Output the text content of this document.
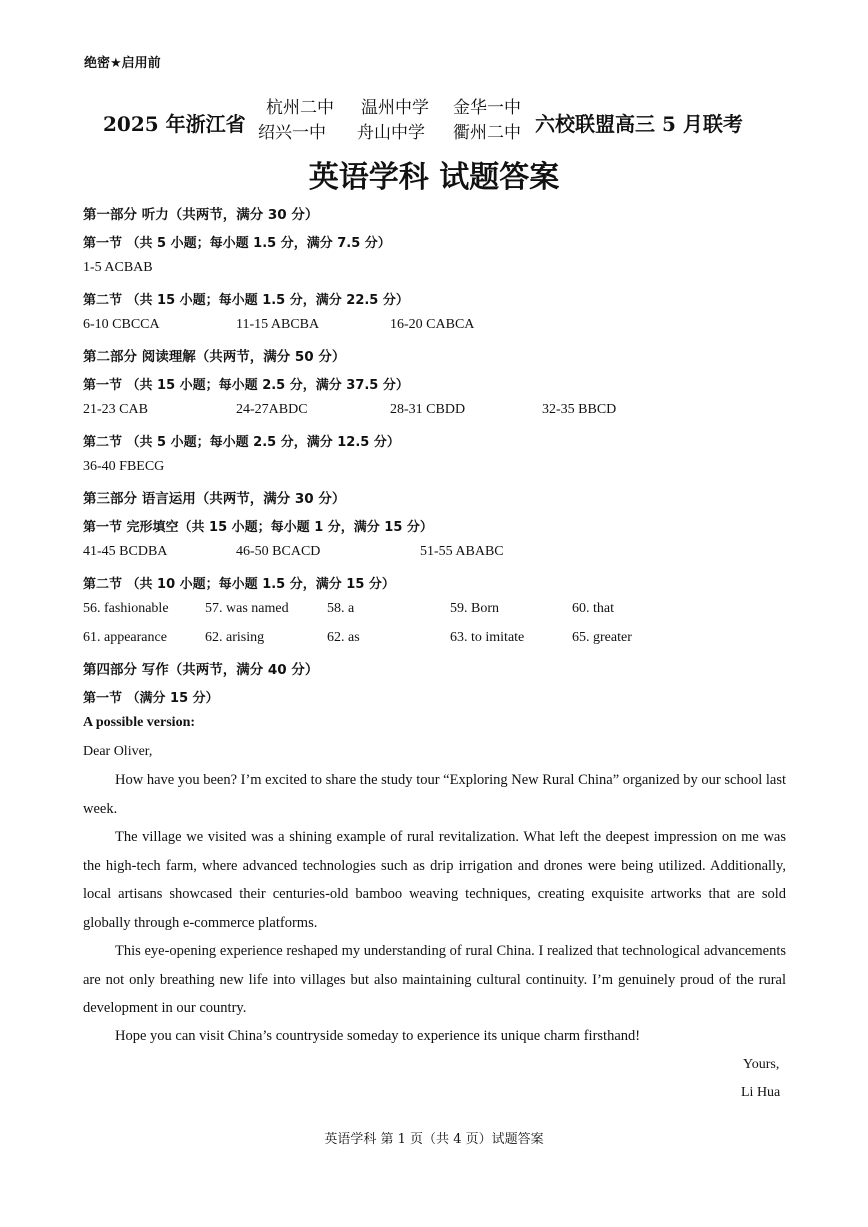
绝密★启用前
2025 年浙江省
杭州二中 温州中学 金华一中
绍兴一中 舟山中学 衢州二中 六校联盟高三 5 月联考
英语学科 试题答案
第一部分 听力（共两节，满分 30 分）
第一节 （共 5 小题；每小题 1.5 分，满分 7.5 分）
1-5 ACBAB
第二节 （共 15 小题；每小题 1.5 分，满分 22.5 分）
6-10 CBCCA	11-15 ABCBA	16-20 CABCA
第二部分 阅读理解（共两节，满分 50 分）
第一节 （共 15 小题；每小题 2.5 分，满分 37.5 分）
21-23 CAB	24-27ABDC	28-31 CBDD	32-35 BBCD
第二节 （共 5 小题；每小题 2.5 分，满分 12.5 分）
36-40 FBECG
第三部分 语言运用（共两节，满分 30 分）
第一节 完形填空（共 15 小题；每小题 1 分，满分 15 分）
41-45 BCDBA	46-50 BCACD	51-55 ABABC
第二节 （共 10 小题；每小题 1.5 分，满分 15 分）
56. fashionable	57. was named	58. a	59. Born	60. that
61. appearance	62. arising	62. as	63. to imitate	65. greater
第四部分 写作（共两节，满分 40 分）
第一节 （满分 15 分）
A possible version:
Dear Oliver,
How have you been? I’m excited to share the study tour “Exploring New Rural China” organized by our school last week.
The village we visited was a shining example of rural revitalization. What left the deepest impression on me was the high-tech farm, where advanced technologies such as drip irrigation and drones were being utilized. Additionally, local artisans showcased their centuries-old bamboo weaving techniques, creating exquisite artworks that are sold globally through e-commerce platforms.
This eye-opening experience reshaped my understanding of rural China. I realized that technological advancements are not only breathing new life into villages but also maintaining cultural continuity. I’m genuinely proud of the rural development in our country.
Hope you can visit China’s countryside someday to experience its unique charm firsthand!
Yours,
Li Hua
英语学科 第 1 页（共 4 页）试题答案
